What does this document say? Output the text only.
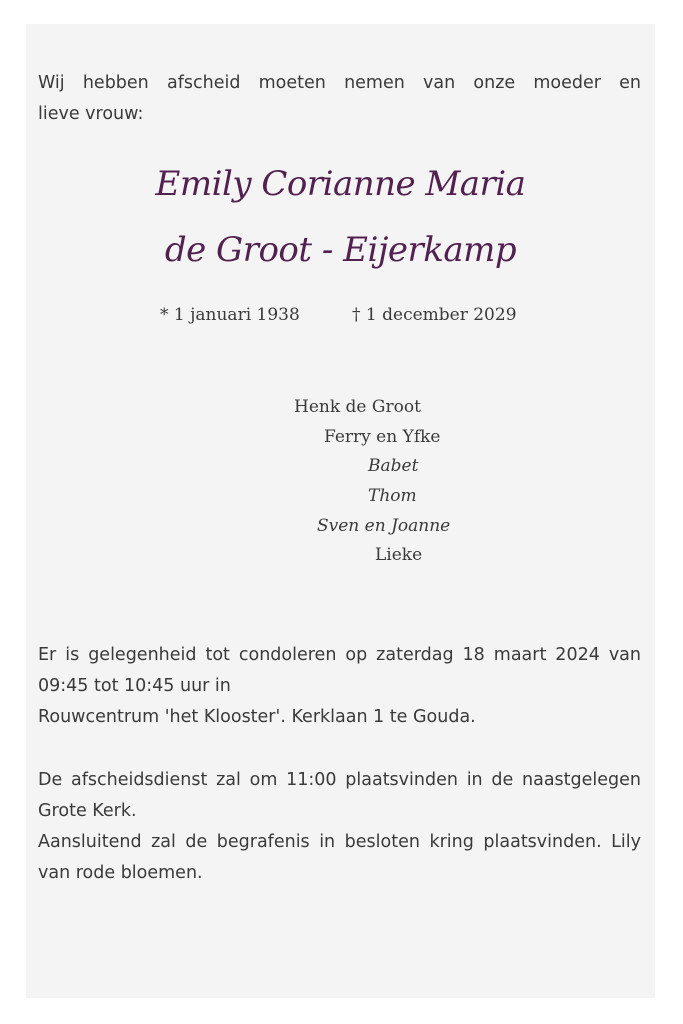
Wij hebben afscheid moeten nemen van onze moeder en
lieve vrouw:
Emily Corianne Maria
de Groot - Eijerkamp
* 1 januari 1938	† 1 december 2029
Henk de Groot
Ferry en Yfke
Babet
Thom
Sven en Joanne
Lieke
Er is gelegenheid tot condoleren op zaterdag 18 maart 2024 van
09:45 tot 10:45 uur in
Rouwcentrum 'het Klooster'. Kerklaan 1 te Gouda.
De afscheidsdienst zal om 11:00 plaatsvinden in de naastgelegen
Grote Kerk.
Aansluitend zal de begrafenis in besloten kring plaatsvinden. Lily
van rode bloemen.
